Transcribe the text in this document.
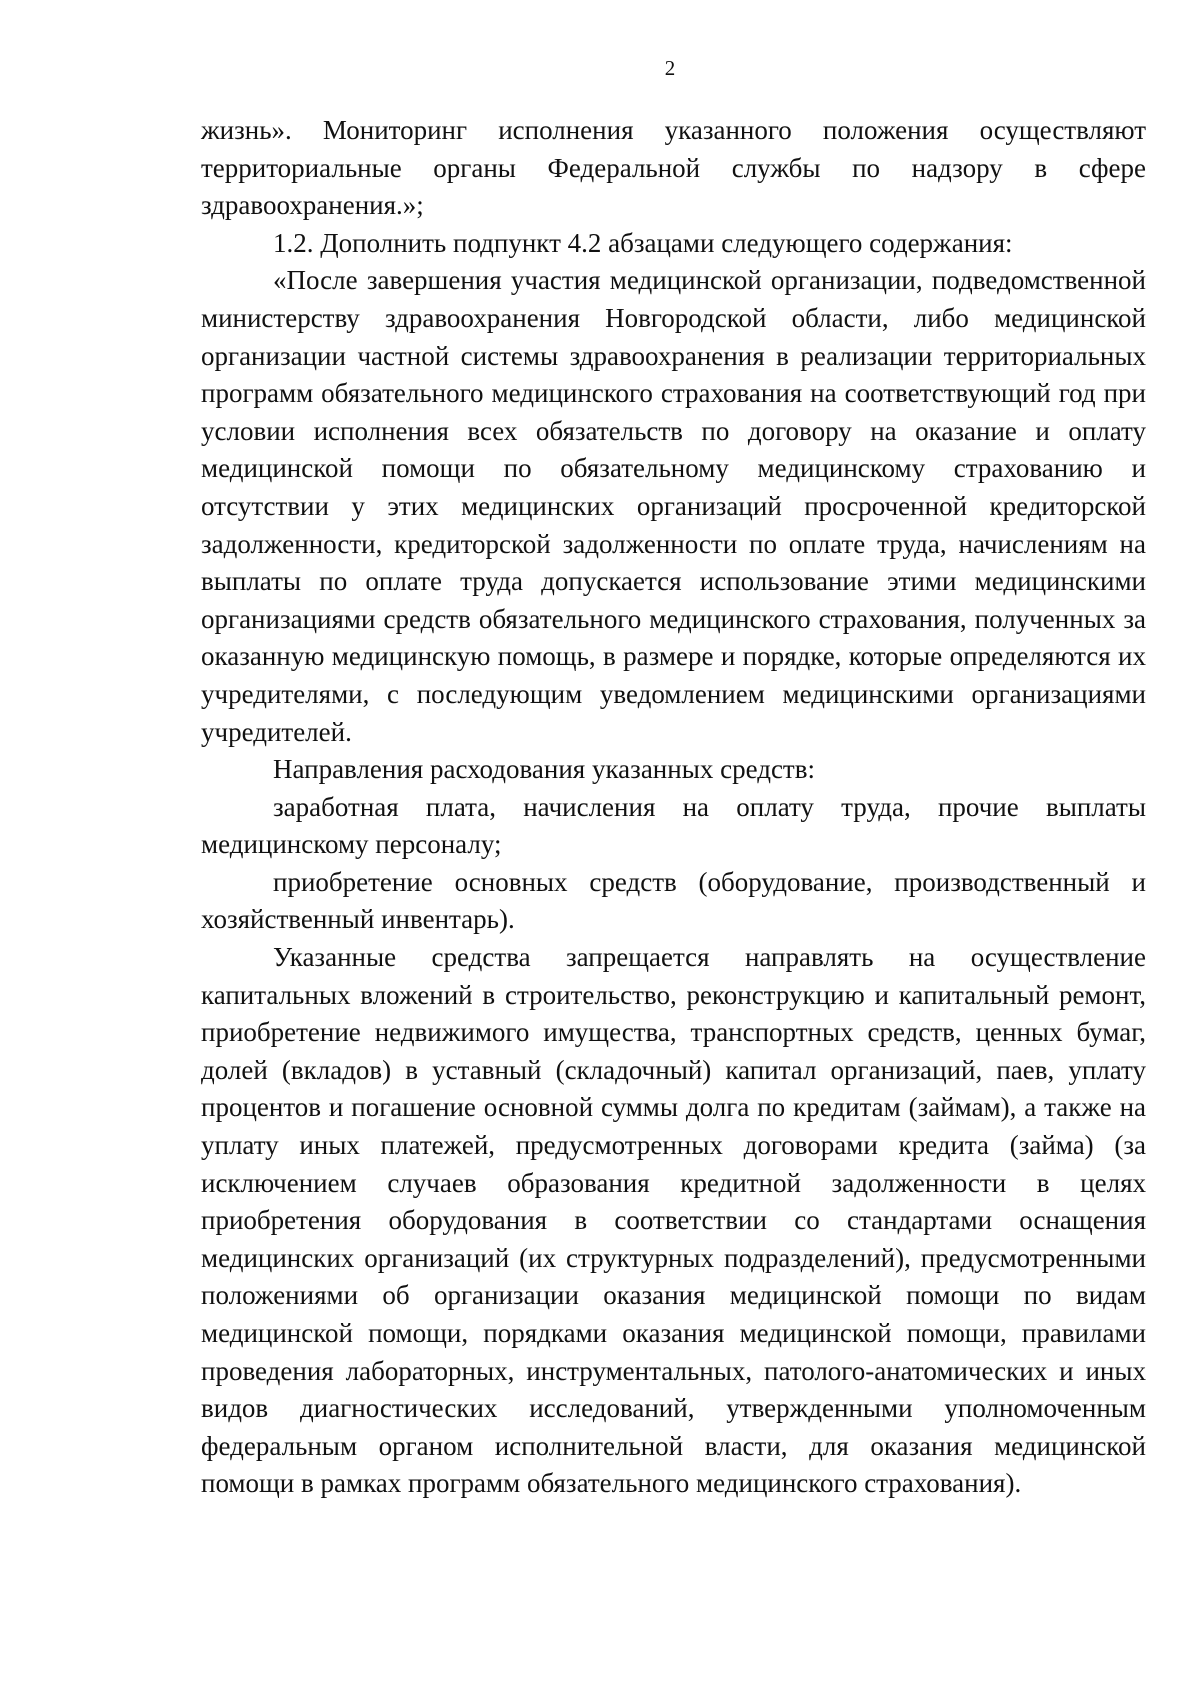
2

жизнь». Мониторинг исполнения указанного положения осуществляют территориальные органы Федеральной службы по надзору в сфере здравоохранения.»;

1.2. Дополнить подпункт 4.2 абзацами следующего содержания:

«После завершения участия медицинской организации, подведомственной министерству здравоохранения Новгородской области, либо медицинской организации частной системы здравоохранения в реализации территориальных программ обязательного медицинского страхования на соответствующий год при условии исполнения всех обязательств по договору на оказание и оплату медицинской помощи по обязательному медицинскому страхованию и отсутствии у этих медицинских организаций просроченной кредиторской задолженности, кредиторской задолженности по оплате труда, начислениям на выплаты по оплате труда допускается использование этими медицинскими организациями средств обязательного медицинского страхования, полученных за оказанную медицинскую помощь, в размере и порядке, которые определяются их учредителями, с последующим уведомлением медицинскими организациями учредителей.

Направления расходования указанных средств:

заработная плата, начисления на оплату труда, прочие выплаты медицинскому персоналу;

приобретение основных средств (оборудование, производственный и хозяйственный инвентарь).

Указанные средства запрещается направлять на осуществление капитальных вложений в строительство, реконструкцию и капитальный ремонт, приобретение недвижимого имущества, транспортных средств, ценных бумаг, долей (вкладов) в уставный (складочный) капитал организаций, паев, уплату процентов и погашение основной суммы долга по кредитам (займам), а также на уплату иных платежей, предусмотренных договорами кредита (займа) (за исключением случаев образования кредитной задолженности в целях приобретения оборудования в соответствии со стандартами оснащения медицинских организаций (их структурных подразделений), предусмотренными положениями об организации оказания медицинской помощи по видам медицинской помощи, порядками оказания медицинской помощи, правилами проведения лабораторных, инструментальных, патолого-анатомических и иных видов диагностических исследований, утвержденными уполномоченным федеральным органом исполнительной власти, для оказания медицинской помощи в рамках программ обязательного медицинского страхования).
